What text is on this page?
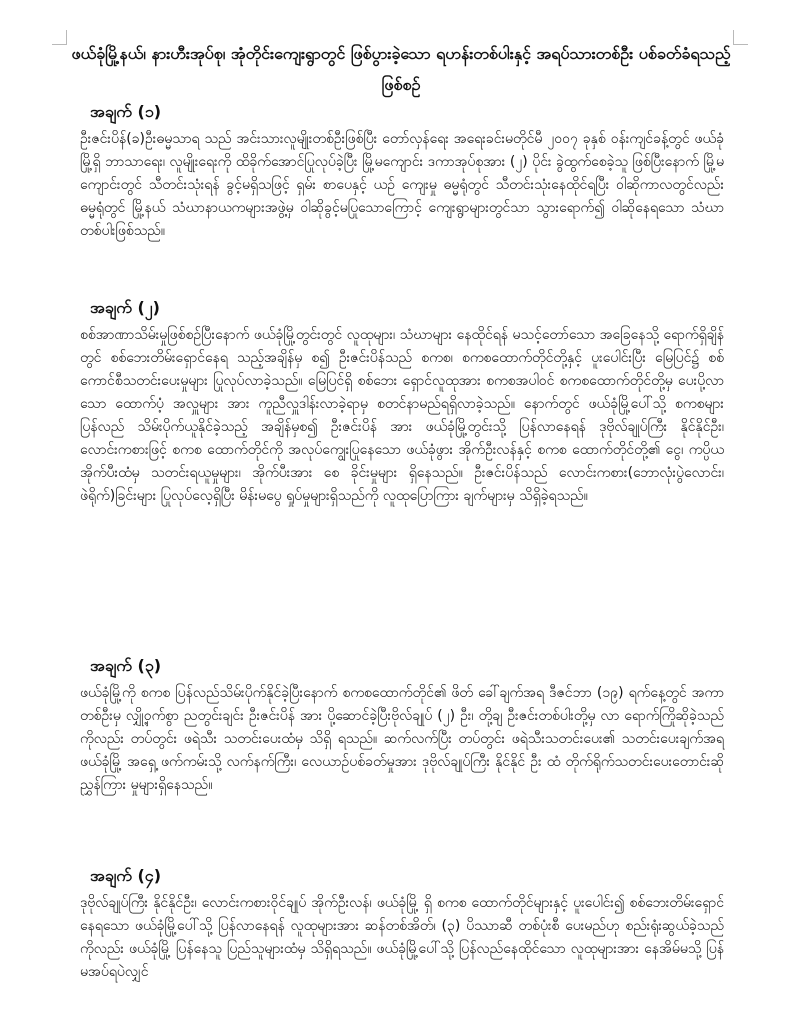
ဖယ်ခုံမြို့နယ်၊ နားဟီးအုပ်စု၊ အုံတိုင်းကျေးရွာတွင် ဖြစ်ပွားခဲ့သော ရဟန်းတစ်ပါးနှင့် အရပ်သားတစ်ဦး ပစ်ခတ်ခံရသည့်ဖြစ်စဉ်
အချက် (၁)

ဦးဇင်းပိန်(ခ)ဦးဓမ္မသာရ သည် အင်းသားလူမျိုးတစ်ဦးဖြစ်ပြီး တော်လှန်ရေး အရေးခင်းမတိုင်မီ ၂၀၀၇ ခုနှစ် ဝန်းကျင်ခန့်တွင် ဖယ်ခုံမြို့ရှိ ဘာသာရေး၊ လူမျိုးရေးကို ထိခိုက်အောင်ပြုလုပ်ခဲ့ပြီး မြို့မကျောင်း ဒကာအုပ်စုအား (၂) ပိုင်း ခွဲထွက်စေခဲ့သူ ဖြစ်ပြီးနောက် မြို့မကျောင်းတွင် သီတင်းသုံးရန် ခွင့်မရှိသဖြင့် ရှမ်း စာပေနှင့် ယဉ် ကျေးမှု ဓမ္မရုံတွင် သီတင်းသုံးနေထိုင်ရပြီး ဝါဆိုကာလတွင်လည်း ဓမ္မရုံတွင် မြို့နယ် သံဃာနာယကများအဖွဲ့မှ ဝါဆိုခွင့်မပြုသောကြောင့် ကျေးရွာများတွင်သာ သွားရောက်၍ ဝါဆိုနေရသော သံဃာတစ်ပါးဖြစ်သည်။

အချက် (၂)

စစ်အာဏာသိမ်းမှုဖြစ်စဉ်ပြီးနောက် ဖယ်ခုံမြို့တွင်းတွင် လူထုများ၊ သံဃာများ နေထိုင်ရန် မသင့်တော်သော အခြေနေသို့ ရောက်ရှိချိန်တွင် စစ်ဘေးတိမ်းရှောင်နေရ သည့်အချိန်မှ စ၍ ဦးဇင်းပိန်သည် စကစ၊ စကစထောက်တိုင်တို့နှင့် ပူးပေါင်းပြီး မြေပြင်၌ စစ်ကောင်စီသတင်းပေးမှုများ ပြုလုပ်လာခဲ့သည်။ မြေပြင်ရှိ စစ်ဘေး ရှောင်လူထုအား စကစအပါဝင် စကစထောက်တိုင်တို့မှ ပေးပို့လာသော ထောက်ပံ့ အလှူများ အား ကူညီလှူဒါန်းလာခဲ့ရာမှ စတင်နာမည်ရရှိလာခဲ့သည်။ နောက်တွင် ဖယ်ခုံမြို့ပေါ်သို့ စကစများ ပြန်လည် သိမ်းပိုက်ယူနိုင်ခဲ့သည့် အချိန်မှစ၍ ဦးဇင်းပိန် အား ဖယ်ခုံမြို့တွင်းသို့ ပြန်လာနေရန် ဒုဗိုလ်ချုပ်ကြီး နိုင်နိုင်ဦး၊ လောင်းကစားဖြင့် စကစ ထောက်တိုင်ကို အလုပ်ကျွေးပြုနေသော ဖယ်ခုံဖွား အိုက်ဦးလန်နှင့် စကစ ထောက်တိုင်တို့၏ ငွေ၊ ကပ္ပိယ အိုက်ပီးထံမှ သတင်းရယူမှုများ၊ အိုက်ပီးအား စေ ခိုင်းမှုများ ရှိနေသည်။ ဦးဇင်းပိန်သည် လောင်းကစား(ဘောလုံးပွဲလောင်း၊ ဖဲရိုက်)ခြင်းများ ပြုလုပ်လေ့ရှိပြီး မိန်းမပွေ ရှုပ်မှုများရှိသည်ကို လူထုပြောကြား ချက်များမှ သိရှိခဲ့ရသည်။

အချက် (၃)

ဖယ်ခုံမြို့ကို စကစ ပြန်လည်သိမ်းပိုက်နိုင်ခဲ့ပြီးနောက် စကစထောက်တိုင်၏ ဖိတ် ခေါ်ချက်အရ ဒီဇင်ဘာ (၁၉) ရက်နေ့တွင် အကာတစ်ဦးမှ လျှို့ဝှက်စွာ ညတွင်းချင်း ဦးဇင်းပိန် အား ပို့ဆောင်ခဲ့ပြီးဗိုလ်ချုပ် (၂) ဦး၊ တို့ချ ဦးဇင်းတစ်ပါးတို့မှ လာ ရောက်ကြိုဆိုခဲ့သည်ကိုလည်း တပ်တွင်း ဖရဲသီး သတင်းပေးထံမှ သိရှိ ရသည်။ ဆက်လက်ပြီး တပ်တွင်း ဖရဲသီးသတင်းပေး၏ သတင်းပေးချက်အရ ဖယ်ခုံမြို့ အရှေ့ ဖက်ကမ်းသို့ လက်နက်ကြီး၊ လေယာဉ်ပစ်ခတ်မှုအား ဒုဗိုလ်ချုပ်ကြီး နိုင်နိုင် ဦး ထံ တိုက်ရိုက်သတင်းပေးတောင်းဆို ညွှန်ကြား မှုများရှိနေသည်။

အချက် (၄)

ဒုဗိုလ်ချုပ်ကြီး နိုင်နိုင်ဦး၊ လောင်းကစားဝိုင်ချုပ် အိုက်ဦးလန်၊ ဖယ်ခုံမြို့ ရှိ စကစ ထောက်တိုင်များနှင့် ပူးပေါင်း၍ စစ်ဘေးတိမ်းရှောင်နေရသော ဖယ်ခုံမြို့ပေါ်သို့ ပြန်လာနေရန် လူထုများအား ဆန်တစ်အိတ်၊ (၃) ပိဿာဆီ တစ်ပုံးစီ ပေးမည်ဟု စည်းရုံးဆွယ်ခဲ့သည် ကိုလည်း ဖယ်ခုံမြို့ ပြန်နေသူ ပြည်သူများထံမှ သိရှိရသည်။ ဖယ်ခုံမြို့ပေါ်သို့ ပြန်လည်နေထိုင်သော လူထုများအား နေအိမ်မသို့ ပြန်မအပ်ရပဲလျှင်
